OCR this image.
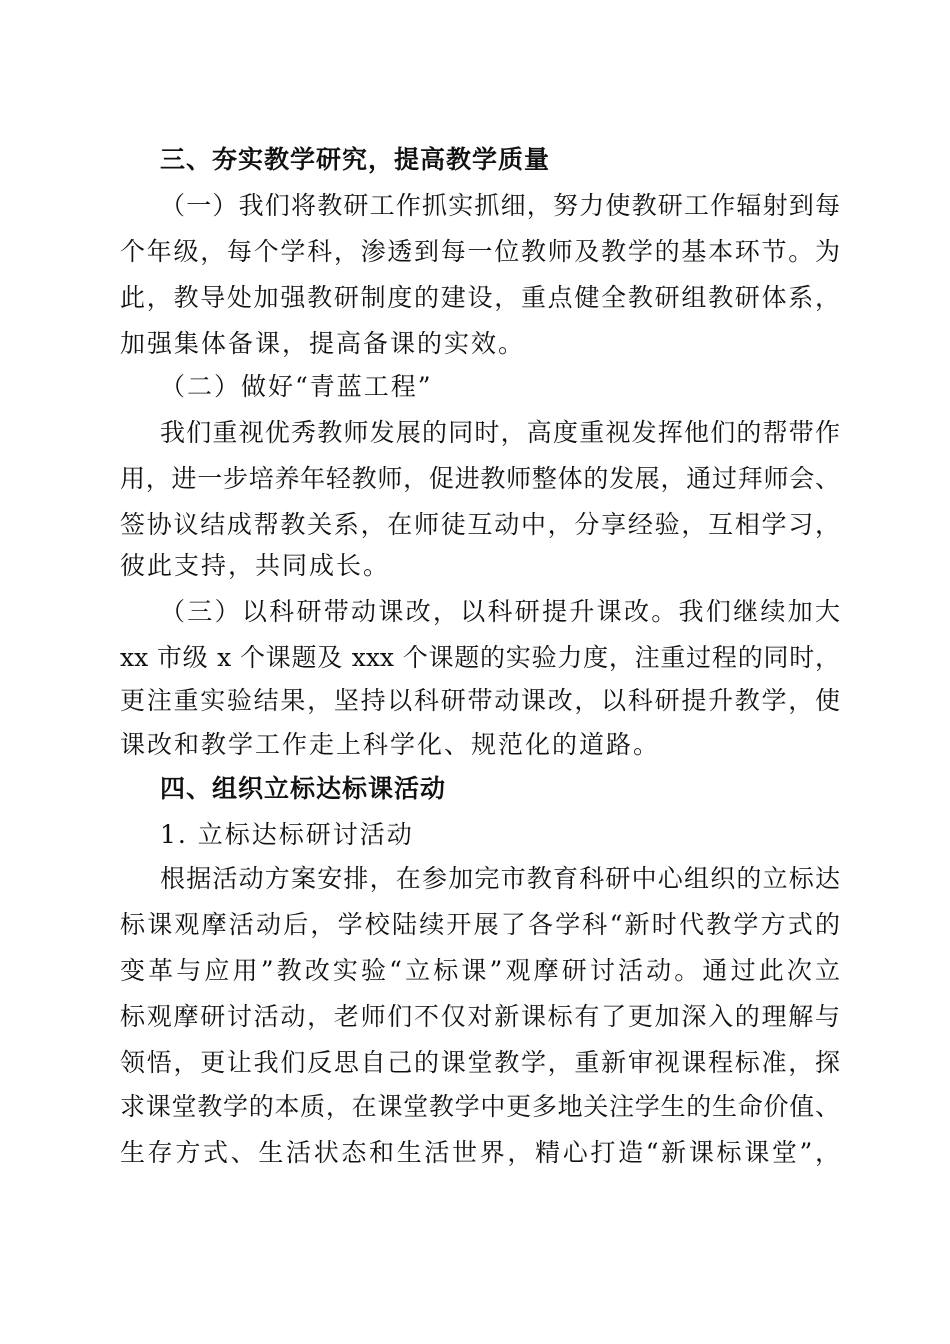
三、夯实教学研究，提高教学质量
（一）我们将教研工作抓实抓细，努力使教研工作辐射到每
个年级，每个学科，渗透到每一位教师及教学的基本环节。为
此，教导处加强教研制度的建设，重点健全教研组教研体系，
加强集体备课，提高备课的实效。
（二）做好“青蓝工程”
我们重视优秀教师发展的同时，高度重视发挥他们的帮带作
用，进一步培养年轻教师，促进教师整体的发展，通过拜师会、
签协议结成帮教关系，在师徒互动中，分享经验，互相学习，
彼此支持，共同成长。
（三）以科研带动课改，以科研提升课改。我们继续加大
xx 市级 x 个课题及 xxx 个课题的实验力度，注重过程的同时，
更注重实验结果，坚持以科研带动课改，以科研提升教学，使
课改和教学工作走上科学化、规范化的道路。
四、组织立标达标课活动
1. 立标达标研讨活动
根据活动方案安排，在参加完市教育科研中心组织的立标达
标课观摩活动后，学校陆续开展了各学科“新时代教学方式的
变革与应用”教改实验“立标课”观摩研讨活动。通过此次立
标观摩研讨活动，老师们不仅对新课标有了更加深入的理解与
领悟，更让我们反思自己的课堂教学，重新审视课程标准，探
求课堂教学的本质，在课堂教学中更多地关注学生的生命价值、
生存方式、生活状态和生活世界，精心打造“新课标课堂”，
